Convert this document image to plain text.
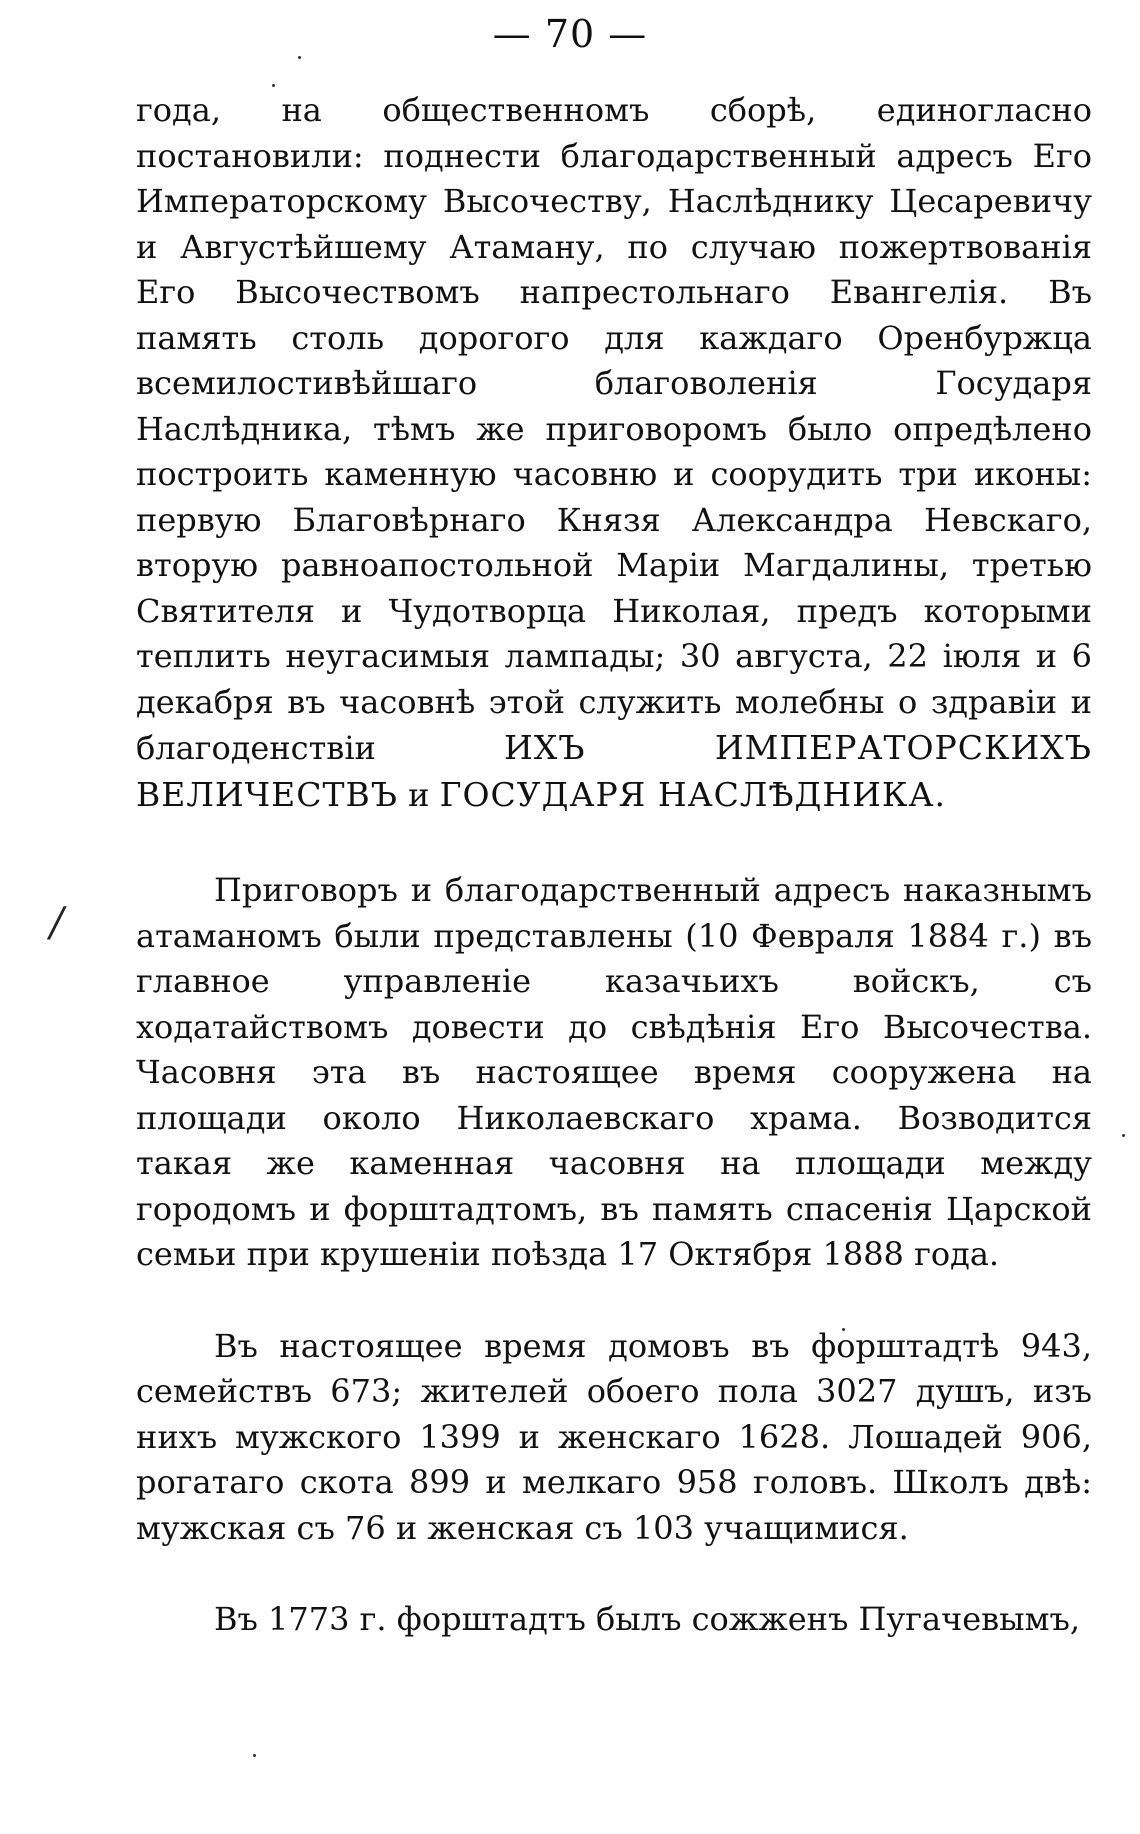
— 70 —
/

года, на общественномъ сборѣ, единогласно постановили: поднести благодарственный адресъ Его Императорскому Высочеству, Наслѣднику Цесаревичу и Августѣйшему Атаману, по случаю пожертвованія Его Высочествомъ напрестольнаго Евангелія. Въ память столь дорогого для каждаго Оренбуржца всемилостивѣйшаго благоволенія Государя Наслѣдника, тѣмъ же приговоромъ было опредѣлено построить каменную часовню и соорудить три иконы: первую Благовѣрнаго Князя Александра Невскаго, вторую равноапостольной Маріи Магдалины, третью Святителя и Чудотворца Николая, предъ которыми теплить неугасимыя лампады; 30 августа, 22 іюля и 6 декабря въ часовнѣ этой служить молебны о здравіи и благоденствіи ИХЪ ИМПЕРАТОРСКИХЪ ВЕЛИЧЕСТВЪ и ГОСУДАРЯ НАСЛѢДНИКА.

Приговоръ и благодарственный адресъ наказнымъ атаманомъ были представлены (10 Февраля 1884 г.) въ главное управленіе казачьихъ войскъ, съ ходатайствомъ довести до свѣдѣнія Его Высочества. Часовня эта въ настоящее время сооружена на площади около Николаевскаго храма. Возводится такая же каменная часовня на площади между городомъ и форштадтомъ, въ память спасенія Царской семьи при крушеніи поѣзда 17 Октября 1888 года.

Въ настоящее время домовъ въ форштадтѣ 943, семействъ 673; жителей обоего пола 3027 душъ, изъ нихъ мужского 1399 и женскаго 1628. Лошадей 906, рогатаго скота 899 и мелкаго 958 головъ. Школъ двѣ: мужская съ 76 и женская съ 103 учащимися.

Въ 1773 г. форштадтъ былъ сожженъ Пугачевымъ,
